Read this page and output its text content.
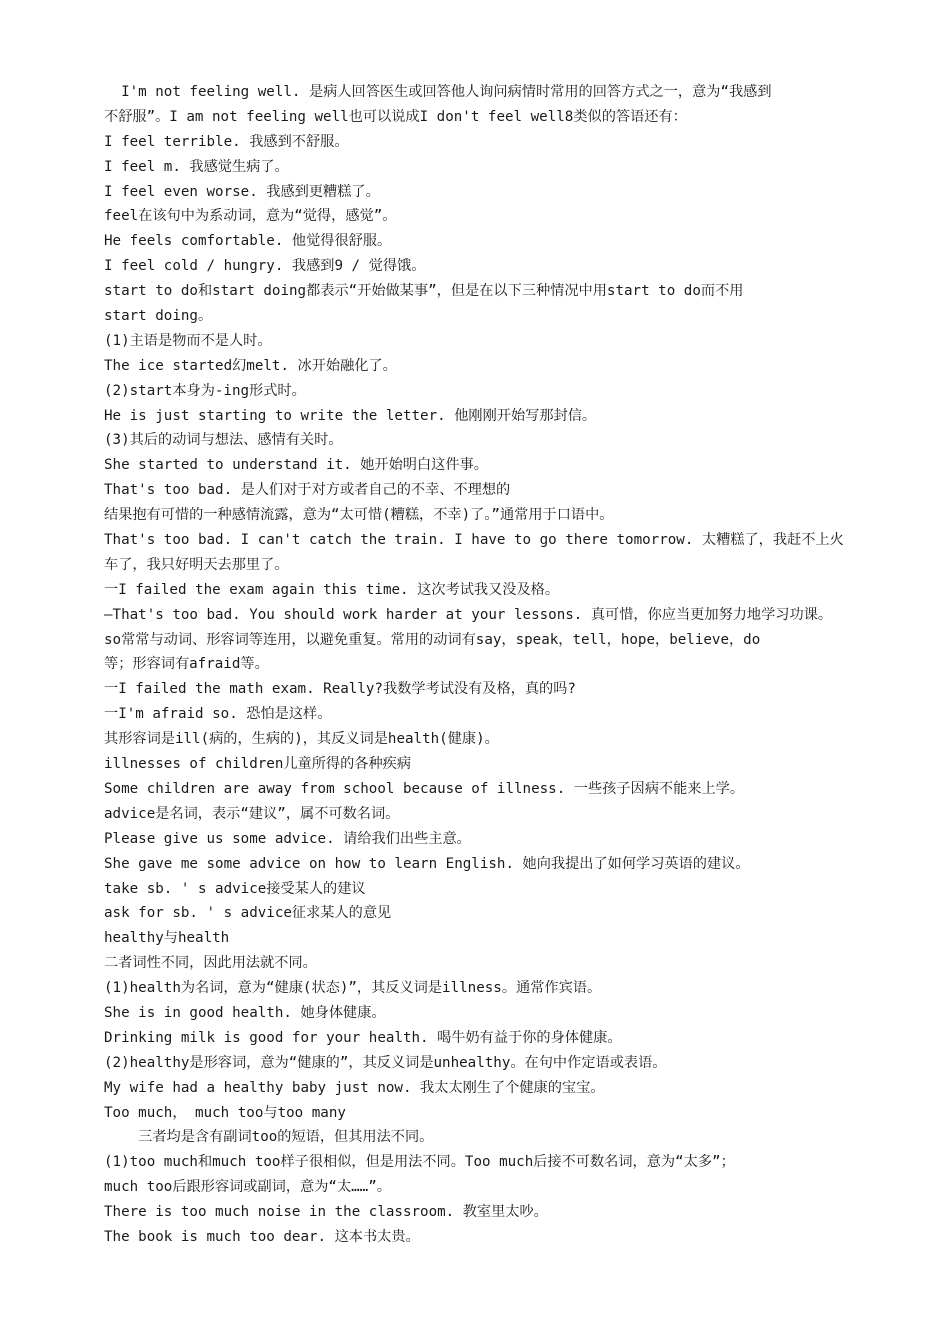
I'm not feeling well. 是病人回答医生或回答他人询问病情时常用的回答方式之一，意为“我感到
不舒服”。I am not feeling well也可以说成I don't feel well8类似的答语还有：
I feel terrible. 我感到不舒服。
I feel m. 我感觉生病了。
I feel even worse. 我感到更糟糕了。
feel在该句中为系动词，意为“觉得，感觉”。
He feels comfortable. 他觉得很舒服。
I feel cold / hungry. 我感到9 / 觉得饿。
start to do和start doing都表示“开始做某事”，但是在以下三种情况中用start to do而不用
start doing。
(1)主语是物而不是人时。
The ice started幻melt. 冰开始融化了。
(2)start本身为-ing形式时。
He is just starting to write the letter. 他刚刚开始写那封信。
(3)其后的动词与想法、感情有关时。
She started to understand it. 她开始明白这件事。
That's too bad. 是人们对于对方或者自己的不幸、不理想的
结果抱有可惜的一种感情流露，意为“太可惜(糟糕，不幸)了。”通常用于口语中。
That's too bad. I can't catch the train. I have to go there tomorrow. 太糟糕了，我赶不上火
车了，我只好明天去那里了。
一I failed the exam again this time. 这次考试我又没及格。
—That's too bad. You should work harder at your lessons. 真可惜，你应当更加努力地学习功课。
so常常与动词、形容词等连用，以避免重复。常用的动词有say，speak，tell，hope，believe，do
等；形容词有afraid等。
一I failed the math exam. Really?我数学考试没有及格，真的吗?
一I'm afraid so. 恐怕是这样。
其形容词是ill(病的，生病的)，其反义词是health(健康)。
illnesses of children儿童所得的各种疾病
Some children are away from school because of illness. 一些孩子因病不能来上学。
advice是名词，表示“建议”，属不可数名词。
Please give us some advice. 请给我们出些主意。
She gave me some advice on how to learn English. 她向我提出了如何学习英语的建议。
take sb. ' s advice接受某人的建议
ask for sb. ' s advice征求某人的意见
healthy与health
二者词性不同，因此用法就不同。
(1)health为名词，意为“健康(状态)”，其反义词是illness。通常作宾语。
She is in good health. 她身体健康。
Drinking milk is good for your health. 喝牛奶有益于你的身体健康。
(2)healthy是形容词，意为“健康的”，其反义词是unhealthy。在句中作定语或表语。
My wife had a healthy baby just now. 我太太刚生了个健康的宝宝。
Too much， much too与too many
三者均是含有副词too的短语，但其用法不同。
(1)too much和much too样子很相似，但是用法不同。Too much后接不可数名词，意为“太多”；
much too后跟形容词或副词，意为“太……”。
There is too much noise in the classroom. 教室里太吵。
The book is much too dear. 这本书太贵。
